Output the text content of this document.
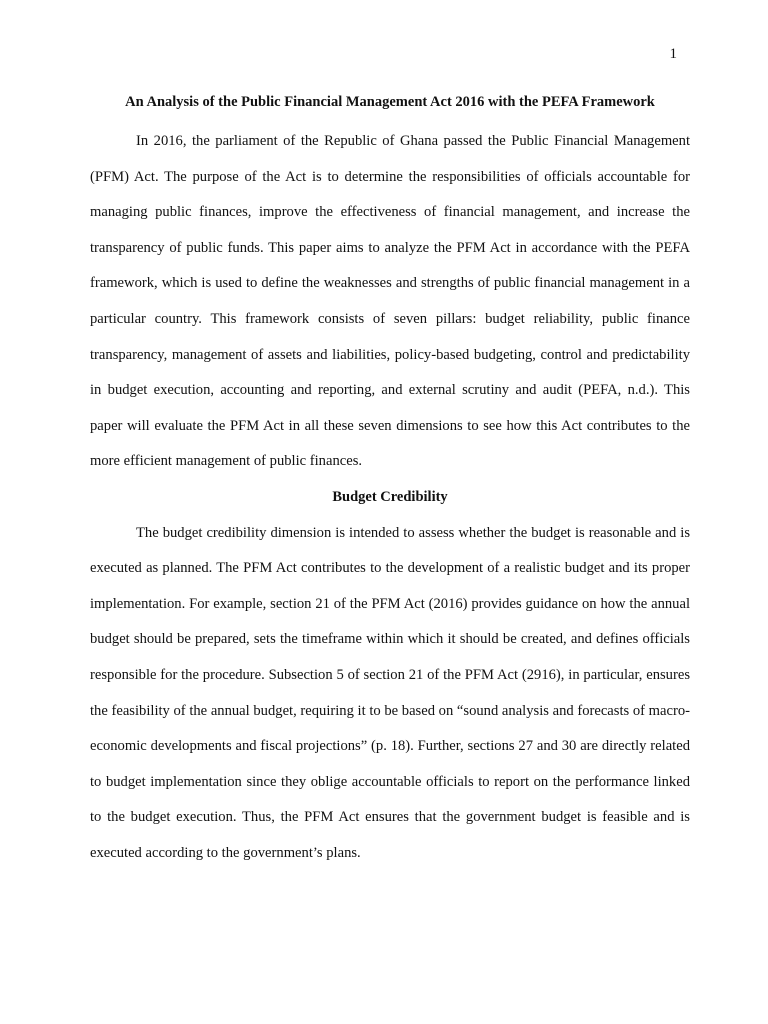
1
An Analysis of the Public Financial Management Act 2016 with the PEFA Framework

In 2016, the parliament of the Republic of Ghana passed the Public Financial Management (PFM) Act. The purpose of the Act is to determine the responsibilities of officials accountable for managing public finances, improve the effectiveness of financial management, and increase the transparency of public funds. This paper aims to analyze the PFM Act in accordance with the PEFA framework, which is used to define the weaknesses and strengths of public financial management in a particular country. This framework consists of seven pillars: budget reliability, public finance transparency, management of assets and liabilities, policy-based budgeting, control and predictability in budget execution, accounting and reporting, and external scrutiny and audit (PEFA, n.d.). This paper will evaluate the PFM Act in all these seven dimensions to see how this Act contributes to the more efficient management of public finances.

Budget Credibility

The budget credibility dimension is intended to assess whether the budget is reasonable and is executed as planned. The PFM Act contributes to the development of a realistic budget and its proper implementation. For example, section 21 of the PFM Act (2016) provides guidance on how the annual budget should be prepared, sets the timeframe within which it should be created, and defines officials responsible for the procedure. Subsection 5 of section 21 of the PFM Act (2916), in particular, ensures the feasibility of the annual budget, requiring it to be based on “sound analysis and forecasts of macro-economic developments and fiscal projections” (p. 18). Further, sections 27 and 30 are directly related to budget implementation since they oblige accountable officials to report on the performance linked to the budget execution. Thus, the PFM Act ensures that the government budget is feasible and is executed according to the government’s plans.
